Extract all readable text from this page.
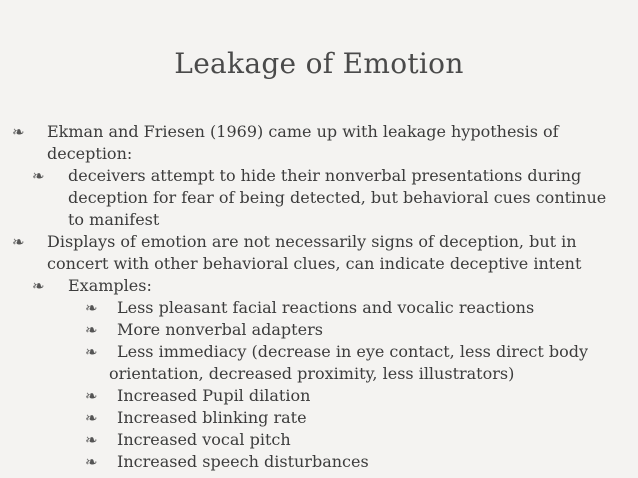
Leakage of Emotion
❧ Ekman and Friesen (1969) came up with leakage hypothesis of deception:
❧ deceivers attempt to hide their nonverbal presentations during deception for fear of being detected, but behavioral cues continue to manifest
❧ Displays of emotion are not necessarily signs of deception, but in concert with other behavioral clues, can indicate deceptive intent
❧ Examples:
❧ Less pleasant facial reactions and vocalic reactions
❧ More nonverbal adapters
❧	Less immediacy (decrease in eye contact, less direct body orientation, decreased proximity, less illustrators)
❧ Increased Pupil dilation
❧ Increased blinking rate
❧ Increased vocal pitch
❧ Increased speech disturbances
